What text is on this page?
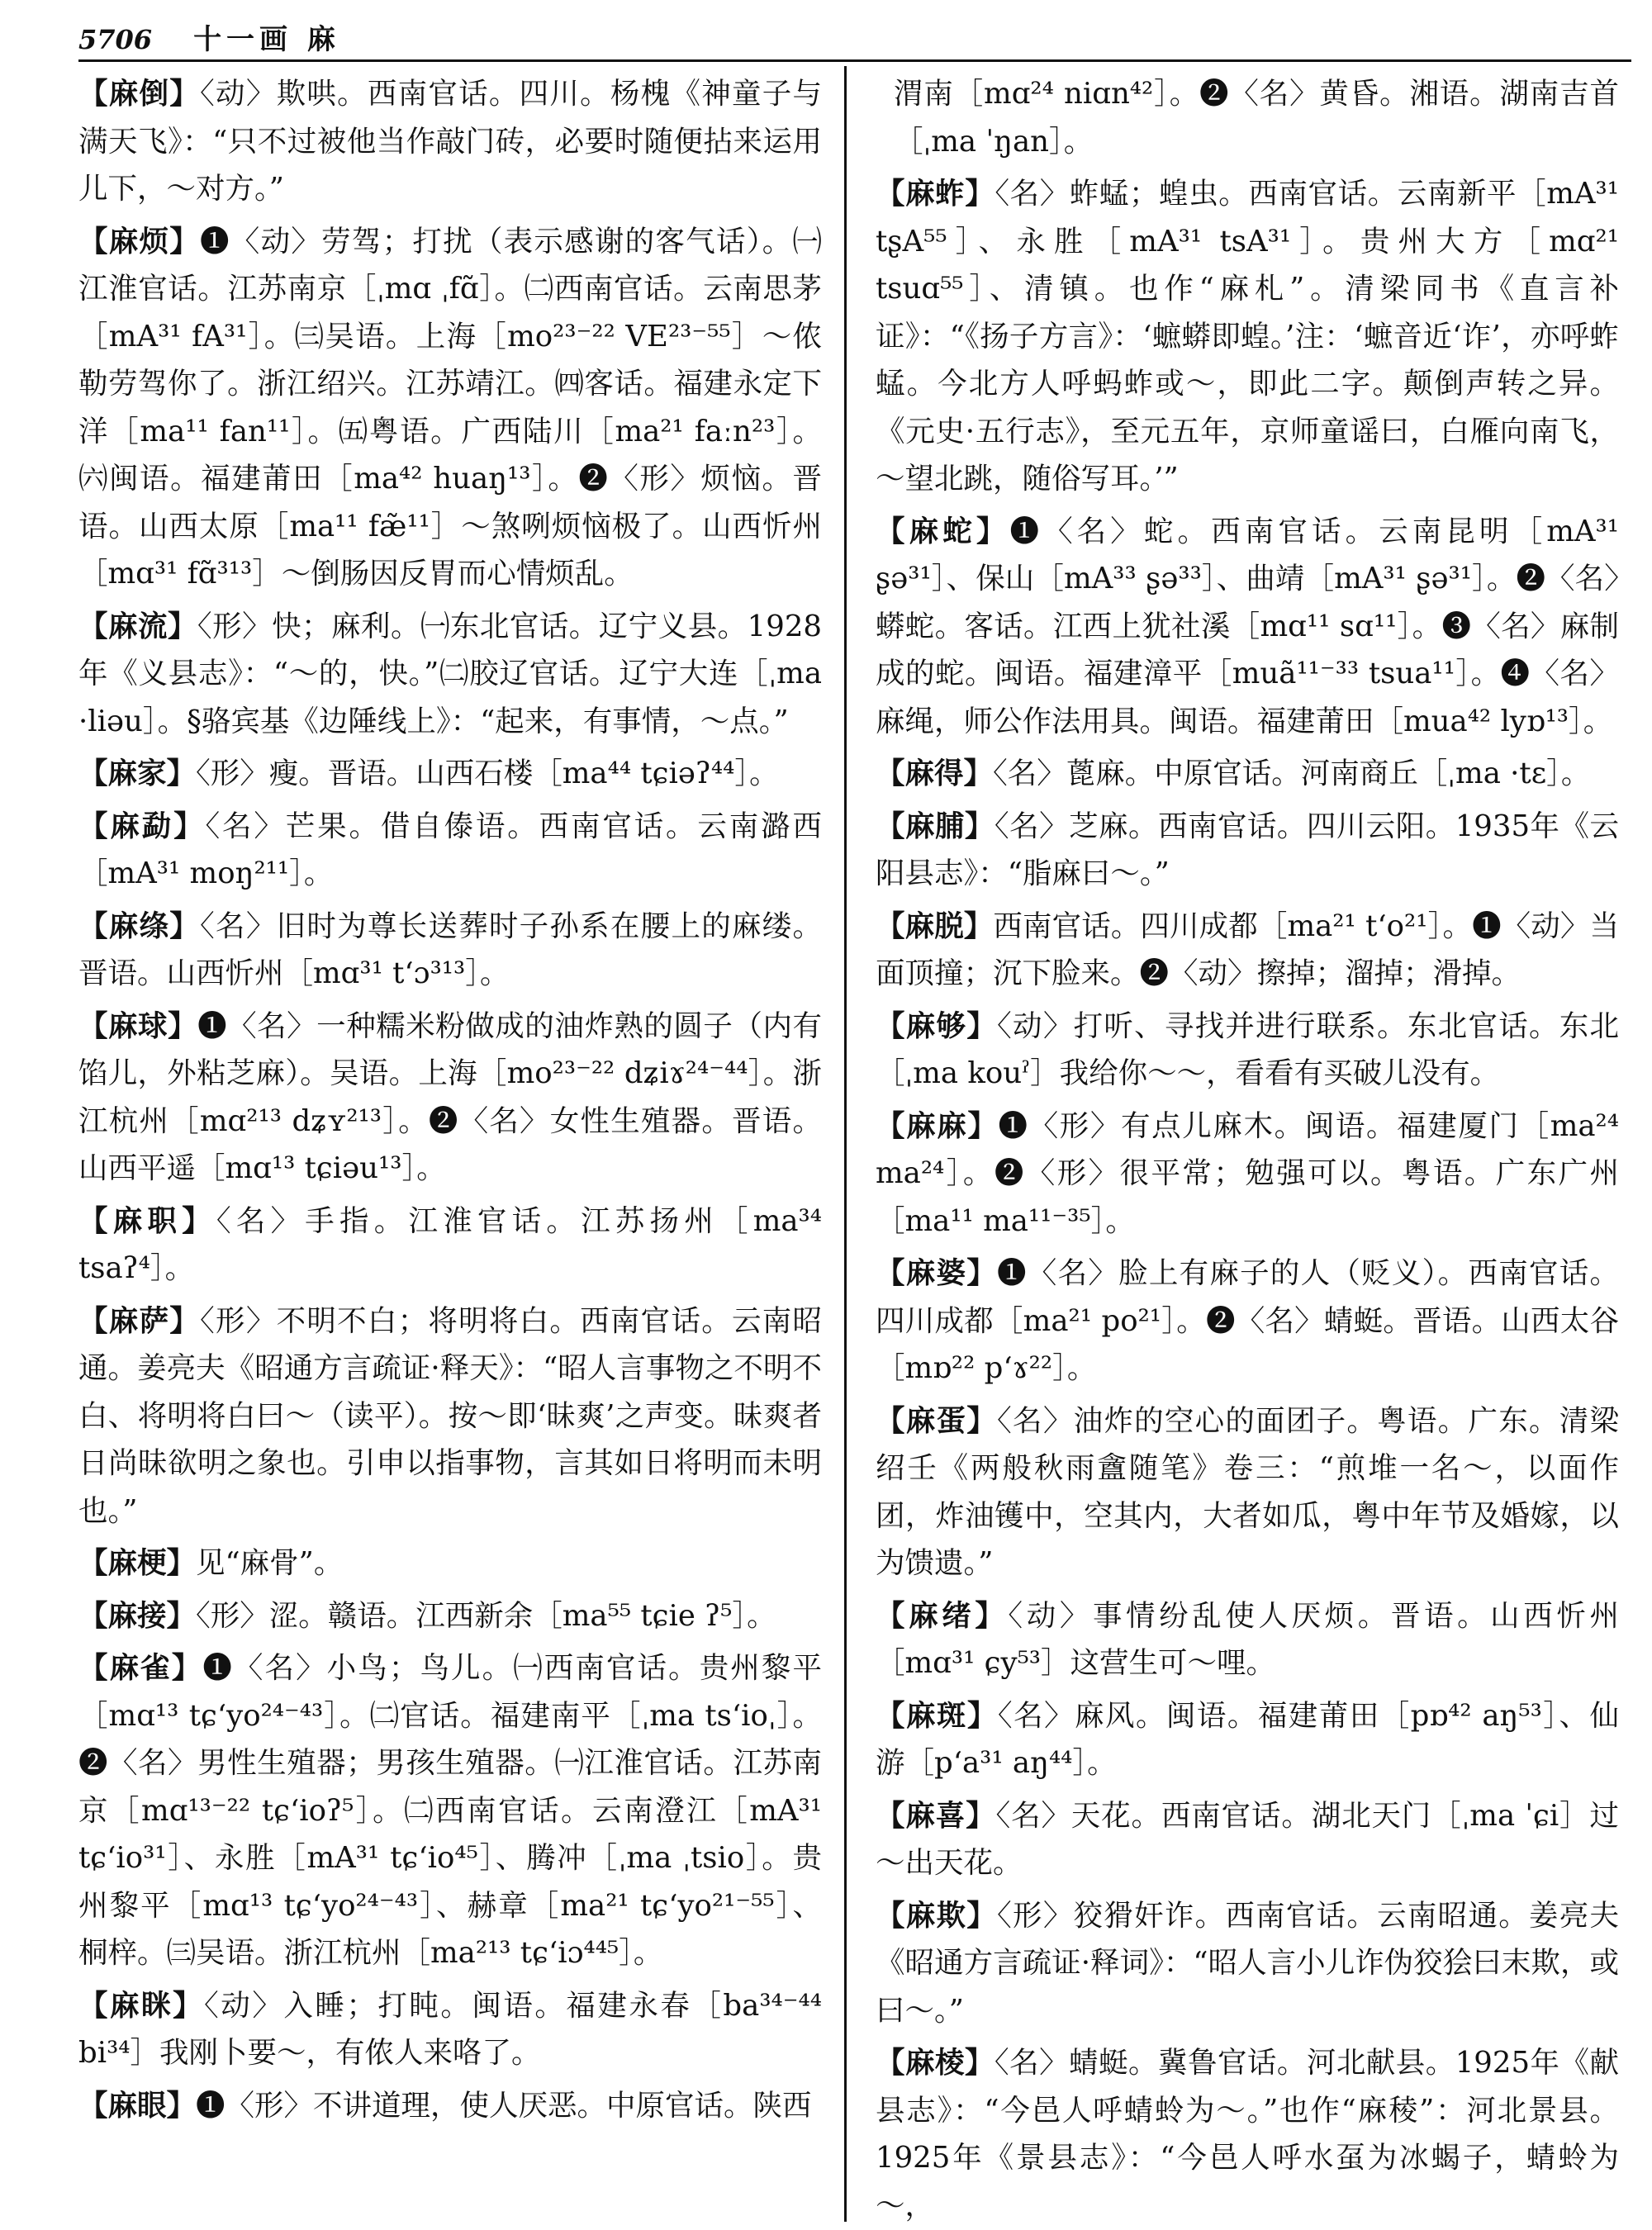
5706 十一画 麻

【麻倒】〈动〉欺哄。西南官话。四川。杨槐《神童子与满天飞》：“只不过被他当作敲门砖，必要时随便拈来运用儿下，～对方。”

【麻烦】❶〈动〉劳驾；打扰（表示感谢的客气话）。㈠江淮官话。江苏南京［ˌmɑ ˌfɑ̃］。㈡西南官话。云南思茅［mA³¹ fA³¹］。㈢吴语。上海［mo²³⁻²² VE²³⁻⁵⁵］～侬勒劳驾你了。浙江绍兴。江苏靖江。㈣客话。福建永定下洋［ma¹¹ fan¹¹］。㈤粤语。广西陆川［ma²¹ faːn²³］。㈥闽语。福建莆田［ma⁴² huaŋ¹³］。❷〈形〉烦恼。晋语。山西太原［ma¹¹ fæ̃¹¹］～煞咧烦恼极了。山西忻州［mɑ³¹ fɑ̃³¹³］～倒肠因反胃而心情烦乱。

【麻流】〈形〉快；麻利。㈠东北官话。辽宁义县。1928年《义县志》：“～的，快。”㈡胶辽官话。辽宁大连［ˌma ·liəu］。§骆宾基《边陲线上》：“起来，有事情，～点。”

【麻家】〈形〉瘦。晋语。山西石楼［ma⁴⁴ tɕiəʔ⁴⁴］。

【麻勐】〈名〉芒果。借自傣语。西南官话。云南潞西［mA³¹ moŋ²¹¹］。

【麻绦】〈名〉旧时为尊长送葬时子孙系在腰上的麻缕。晋语。山西忻州［mɑ³¹ t‘ɔ³¹³］。

【麻球】❶〈名〉一种糯米粉做成的油炸熟的圆子（内有馅儿，外粘芝麻）。吴语。上海［mo²³⁻²² dʑiɤ²⁴⁻⁴⁴］。浙江杭州［mɑ²¹³ dʑʏ²¹³］。❷〈名〉女性生殖器。晋语。山西平遥［mɑ¹³ tɕiəu¹³］。

【麻职】〈名〉手指。江淮官话。江苏扬州［ma³⁴ tsaʔ⁴］。

【麻萨】〈形〉不明不白；将明将白。西南官话。云南昭通。姜亮夫《昭通方言疏证·释天》：“昭人言事物之不明不白、将明将白曰～（读平）。按～即‘昧爽’之声变。昧爽者日尚昧欲明之象也。引申以指事物，言其如日将明而未明也。”

【麻梗】见“麻骨”。

【麻接】〈形〉涩。赣语。江西新余［ma⁵⁵ tɕie ʔ⁵］。

【麻雀】❶〈名〉小鸟；鸟儿。㈠西南官话。贵州黎平［mɑ¹³ tɕ‘yo²⁴⁻⁴³］。㈡官话。福建南平［ˌma ts‘ioˌ］。❷〈名〉男性生殖器；男孩生殖器。㈠江淮官话。江苏南京［mɑ¹³⁻²² tɕ‘ioʔ⁵］。㈡西南官话。云南澄江［mA³¹ tɕ‘io³¹］、永胜［mA³¹ tɕ‘io⁴⁵］、腾冲［ˌma ˌtsio］。贵州黎平［mɑ¹³ tɕ‘yo²⁴⁻⁴³］、赫章［ma²¹ tɕ‘yo²¹⁻⁵⁵］、桐梓。㈢吴语。浙江杭州［ma²¹³ tɕ‘iɔ⁴⁴⁵］。

【麻眯】〈动〉入睡；打盹。闽语。福建永春［ba³⁴⁻⁴⁴ bi³⁴］我刚卜要～，有侬人来咯了。

【麻眼】❶〈形〉不讲道理，使人厌恶。中原官话。陕西

渭南［mɑ²⁴ niɑn⁴²］。❷〈名〉黄昏。湘语。湖南吉首［ˌma ˈŋan］。

【麻蚱】〈名〉蚱蜢；蝗虫。西南官话。云南新平［mA³¹ tʂA⁵⁵］、永胜［mA³¹ tsA³¹］。贵州大方［mɑ²¹ tsuɑ⁵⁵］、清镇。也作“麻札”。清梁同书《直言补证》：“《扬子方言》：‘蟅蟒即蝗。’注：‘蟅音近‘诈’，亦呼蚱蜢。今北方人呼蚂蚱或～，即此二字。颠倒声转之异。《元史·五行志》，至元五年，京师童谣曰，白雁向南飞，～望北跳，随俗写耳。’”

【麻蛇】❶〈名〉蛇。西南官话。云南昆明［mA³¹ ʂə³¹］、保山［mA³³ ʂə³³］、曲靖［mA³¹ ʂə³¹］。❷〈名〉蟒蛇。客话。江西上犹社溪［mɑ¹¹ sɑ¹¹］。❸〈名〉麻制成的蛇。闽语。福建漳平［muã¹¹⁻³³ tsua¹¹］。❹〈名〉麻绳，师公作法用具。闽语。福建莆田［mua⁴² lyɒ¹³］。

【麻得】〈名〉蓖麻。中原官话。河南商丘［ˌma ·tɛ］。

【麻脯】〈名〉芝麻。西南官话。四川云阳。1935年《云阳县志》：“脂麻曰～。”

【麻脱】西南官话。四川成都［ma²¹ t‘o²¹］。❶〈动〉当面顶撞；沉下脸来。❷〈动〉擦掉；溜掉；滑掉。

【麻够】〈动〉打听、寻找并进行联系。东北官话。东北［ˌma kouˀ］我给你～～，看看有买破儿没有。

【麻麻】❶〈形〉有点儿麻木。闽语。福建厦门［ma²⁴ ma²⁴］。❷〈形〉很平常；勉强可以。粤语。广东广州［ma¹¹ ma¹¹⁻³⁵］。

【麻婆】❶〈名〉脸上有麻子的人（贬义）。西南官话。四川成都［ma²¹ po²¹］。❷〈名〉蜻蜓。晋语。山西太谷［mɒ²² p‘ɤ²²］。

【麻蛋】〈名〉油炸的空心的面团子。粤语。广东。清梁绍壬《两般秋雨盦随笔》卷三：“煎堆一名～，以面作团，炸油镬中，空其内，大者如瓜，粤中年节及婚嫁，以为馈遗。”

【麻绪】〈动〉事情纷乱使人厌烦。晋语。山西忻州［mɑ³¹ ɕy⁵³］这营生可～哩。

【麻斑】〈名〉麻风。闽语。福建莆田［pɒ⁴² aŋ⁵³］、仙游［p‘a³¹ aŋ⁴⁴］。

【麻喜】〈名〉天花。西南官话。湖北天门［ˌma ˈɕi］过～出天花。

【麻欺】〈形〉狡猾奸诈。西南官话。云南昭通。姜亮夫《昭通方言疏证·释词》：“昭人言小儿诈伪狡狯曰末欺，或曰～。”

【麻棱】〈名〉蜻蜓。冀鲁官话。河北献县。1925年《献县志》：“今邑人呼蜻蛉为～。”也作“麻稜”：河北景县。1925年《景县志》：“今邑人呼水虿为冰蝎子，蜻蛉为～，
